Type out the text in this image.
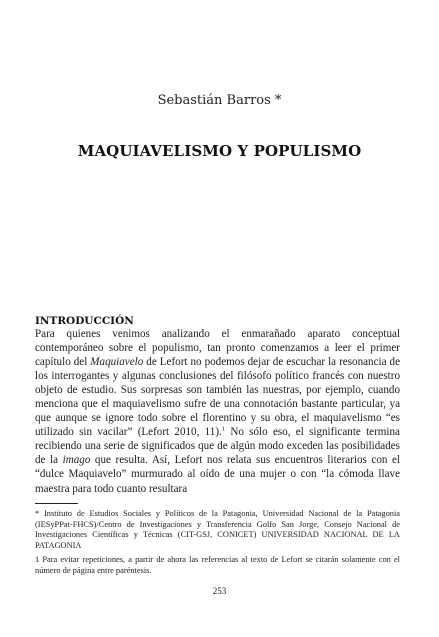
Sebastián Barros *
MAQUIAVELISMO Y POPULISMO
INTRODUCCIÓN

Para quienes venimos analizando el enmarañado aparato conceptual contemporáneo sobre el populismo, tan pronto comenzamos a leer el primer capítulo del Maquiavelo de Lefort no podemos dejar de escuchar la resonancia de los interrogantes y algunas conclusiones del filósofo político francés con nuestro objeto de estudio. Sus sorpresas son también las nuestras, por ejemplo, cuando menciona que el maquiavelismo sufre de una connotación bastante particular, ya que aunque se ignore todo sobre el florentino y su obra, el maquiavelismo “es utilizado sin vacilar” (Lefort 2010, 11).$^1$ No sólo eso, el significante termina recibiendo una serie de significados que de algún modo exceden las posibilidades de la imago que resulta. Así, Lefort nos relata sus encuentros literarios con el “dulce Maquiavelo” murmurado al oído de una mujer o con “la cómoda llave maestra para todo cuanto resultara

* Instituto de Estudios Sociales y Políticos de la Patagonia, Universidad Nacional de la Patagonia (IESyPPat-FHCS)/Centro de Investigaciones y Transferencia Golfo San Jorge, Consejo Nacional de Investigaciones Científicas y Técnicas (CIT-GSJ, CONICET) UNIVERSIDAD NACIONAL DE LA PATAGONIA

1 Para evitar repeticiones, a partir de ahora las referencias al texto de Lefort se citarán solamente con el número de página entre paréntesis.

253
